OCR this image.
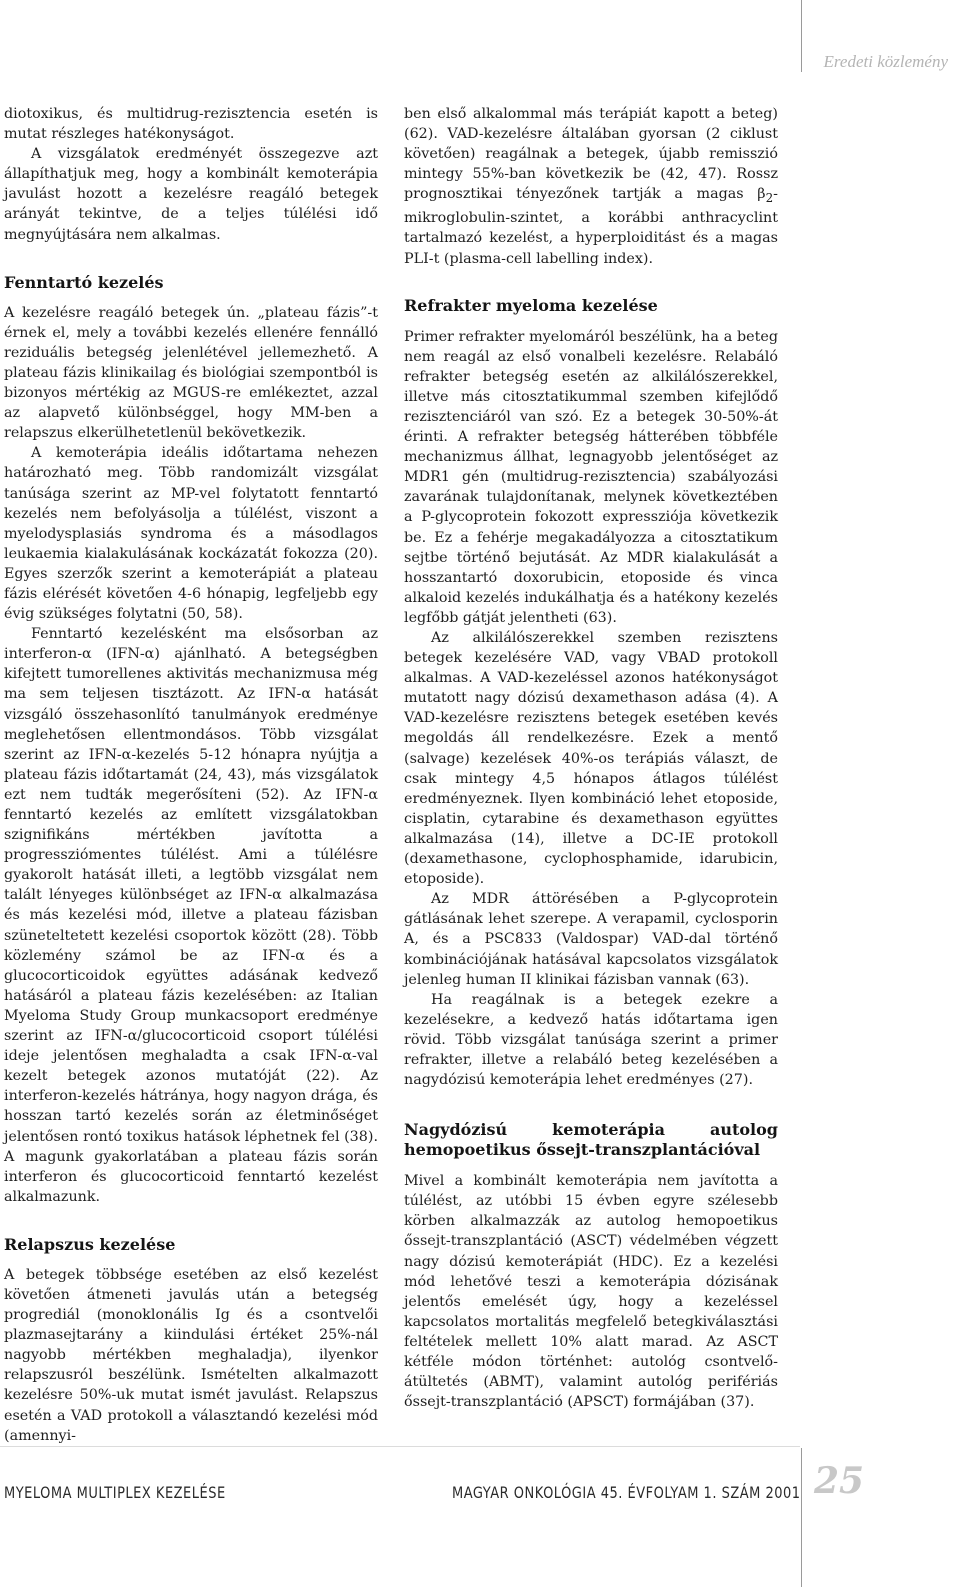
Eredeti közlemény

diotoxikus, és multidrug-rezisztencia esetén is mutat részleges hatékonyságot.

A vizsgálatok eredményét összegezve azt állapíthatjuk meg, hogy a kombinált kemoterápia javulást hozott a kezelésre reagáló betegek arányát tekintve, de a teljes túlélési idő megnyújtására nem alkalmas.

Fenntartó kezelés

A kezelésre reagáló betegek ún. „plateau fázis”-t érnek el, mely a további kezelés ellenére fennálló reziduális betegség jelenlétével jellemezhető. A plateau fázis klinikailag és biológiai szempontból is bizonyos mértékig az MGUS-re emlékeztet, azzal az alapvető különbséggel, hogy MM-ben a relapszus elkerülhetetlenül bekövetkezik.

A kemoterápia ideális időtartama nehezen határozható meg. Több randomizált vizsgálat tanúsága szerint az MP-vel folytatott fenntartó kezelés nem befolyásolja a túlélést, viszont a myelodysplasiás syndroma és a másodlagos leukaemia kialakulásának kockázatát fokozza (20). Egyes szerzők szerint a kemoterápiát a plateau fázis elérését követően 4-6 hónapig, legfeljebb egy évig szükséges folytatni (50, 58).

Fenntartó kezelésként ma elsősorban az interferon-α (IFN-α) ajánlható. A betegségben kifejtett tumorellenes aktivitás mechanizmusa még ma sem teljesen tisztázott. Az IFN-α hatását vizsgáló összehasonlító tanulmányok eredménye meglehetősen ellentmondásos. Több vizsgálat szerint az IFN-α-kezelés 5-12 hónapra nyújtja a plateau fázis időtartamát (24, 43), más vizsgálatok ezt nem tudták megerősíteni (52). Az IFN-α fenntartó kezelés az említett vizsgálatokban szignifikáns mértékben javította a progressziómentes túlélést. Ami a túlélésre gyakorolt hatását illeti, a legtöbb vizsgálat nem talált lényeges különbséget az IFN-α alkalmazása és más kezelési mód, illetve a plateau fázisban szüneteltetett kezelési csoportok között (28). Több közlemény számol be az IFN-α és a glucocorticoidok együttes adásának kedvező hatásáról a plateau fázis kezelésében: az Italian Myeloma Study Group munkacsoport eredménye szerint az IFN-α/glucocorticoid csoport túlélési ideje jelentősen meghaladta a csak IFN-α-val kezelt betegek azonos mutatóját (22). Az interferon-kezelés hátránya, hogy nagyon drága, és hosszan tartó kezelés során az életminőséget jelentősen rontó toxikus hatások léphetnek fel (38). A magunk gyakorlatában a plateau fázis során interferon és glucocorticoid fenntartó kezelést alkalmazunk.

Relapszus kezelése

A betegek többsége esetében az első kezelést követően átmeneti javulás után a betegség progrediál (monoklonális Ig és a csontvelői plazmasejtarány a kiindulási értéket 25%-nál nagyobb mértékben meghaladja), ilyenkor relapszusról beszélünk. Ismételten alkalmazott kezelésre 50%-uk mutat ismét javulást. Relapszus esetén a VAD protokoll a választandó kezelési mód (amennyi-

ben első alkalommal más terápiát kapott a beteg) (62). VAD-kezelésre általában gyorsan (2 ciklust követően) reagálnak a betegek, újabb remisszió mintegy 55%-ban következik be (42, 47). Rossz prognosztikai tényezőnek tartják a magas $\beta_2-mikroglobulin$-szintet, a korábbi anthracyclint tartalmazó kezelést, a hyperploiditást és a magas PLI-t (plasma-cell labelling index).

Refrakter myeloma kezelése

Primer refrakter myelomáról beszélünk, ha a beteg nem reagál az első vonalbeli kezelésre. Relabáló refrakter betegség esetén az alkilálószerekkel, illetve más citosztatikummal szemben kifejlődő rezisztenciáról van szó. Ez a betegek 30-50%-át érinti. A refrakter betegség hátterében többféle mechanizmus állhat, legnagyobb jelentőséget az MDR1 gén (multidrug-rezisztencia) szabályozási zavarának tulajdonítanak, melynek következtében a P-glycoprotein fokozott expressziója következik be. Ez a fehérje megakadályozza a citosztatikum sejtbe történő bejutását. Az MDR kialakulását a hosszantartó doxorubicin, etoposide és vinca alkaloid kezelés indukálhatja és a hatékony kezelés legfőbb gátját jelentheti (63).

Az alkilálószerekkel szemben rezisztens betegek kezelésére VAD, vagy VBAD protokoll alkalmas. A VAD-kezeléssel azonos hatékonyságot mutatott nagy dózisú dexamethason adása (4). A VAD-kezelésre rezisztens betegek esetében kevés megoldás áll rendelkezésre. Ezek a mentő (salvage) kezelések 40%-os terápiás választ, de csak mintegy 4,5 hónapos átlagos túlélést eredményeznek. Ilyen kombináció lehet etoposide, cisplatin, cytarabine és dexamethason együttes alkalmazása (14), illetve a DC-IE protokoll (dexamethasone, cyclophosphamide, idarubicin, etoposide).

Az MDR áttörésében a P-glycoprotein gátlásának lehet szerepe. A verapamil, cyclosporin A, és a PSC833 (Valdospar) VAD-dal történő kombinációjának hatásával kapcsolatos vizsgálatok jelenleg human II klinikai fázisban vannak (63).

Ha reagálnak is a betegek ezekre a kezelésekre, a kedvező hatás időtartama igen rövid. Több vizsgálat tanúsága szerint a primer refrakter, illetve a relabáló beteg kezelésében a nagydózisú kemoterápia lehet eredményes (27).

Nagydózisú kemoterápia autolog hemopoetikus őssejt-transzplantációval

Mivel a kombinált kemoterápia nem javította a túlélést, az utóbbi 15 évben egyre szélesebb körben alkalmazzák az autolog hemopoetikus őssejt-transzplantáció (ASCT) védelmében végzett nagy dózisú kemoterápiát (HDC). Ez a kezelési mód lehetővé teszi a kemoterápia dózisának jelentős emelését úgy, hogy a kezeléssel kapcsolatos mortalitás megfelelő betegkiválasztási feltételek mellett 10% alatt marad. Az ASCT kétféle módon történhet: autológ csontvelő-átültetés (ABMT), valamint autológ perifériás őssejt-transzplantáció (APSCT) formájában (37).

MYELOMA MULTIPLEX KEZELÉSE	MAGYAR ONKOLÓGIA 45. ÉVFOLYAM 1. SZÁM 2001 25
